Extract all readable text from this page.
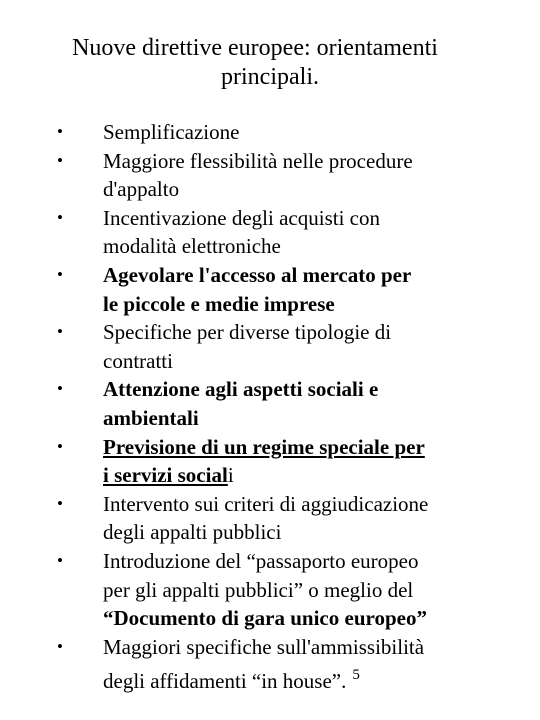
Nuove direttive europee: orientamenti
principali.
• Semplificazione
• Maggiore flessibilità nelle procedure
d'appalto
• Incentivazione degli acquisti con
modalità elettroniche
• Agevolare l'accesso al mercato per
le piccole e medie imprese
• Specifiche per diverse tipologie di
contratti
• Attenzione agli aspetti sociali e
ambientali
• Previsione di un regime speciale per
i servizi sociali
• Intervento sui criteri di aggiudicazione
degli appalti pubblici
• Introduzione del “passaporto europeo
per gli appalti pubblici” o meglio del
“Documento di gara unico europeo”
• Maggiori specifiche sull'ammissibilità
degli affidamenti “in house”. $^5$
